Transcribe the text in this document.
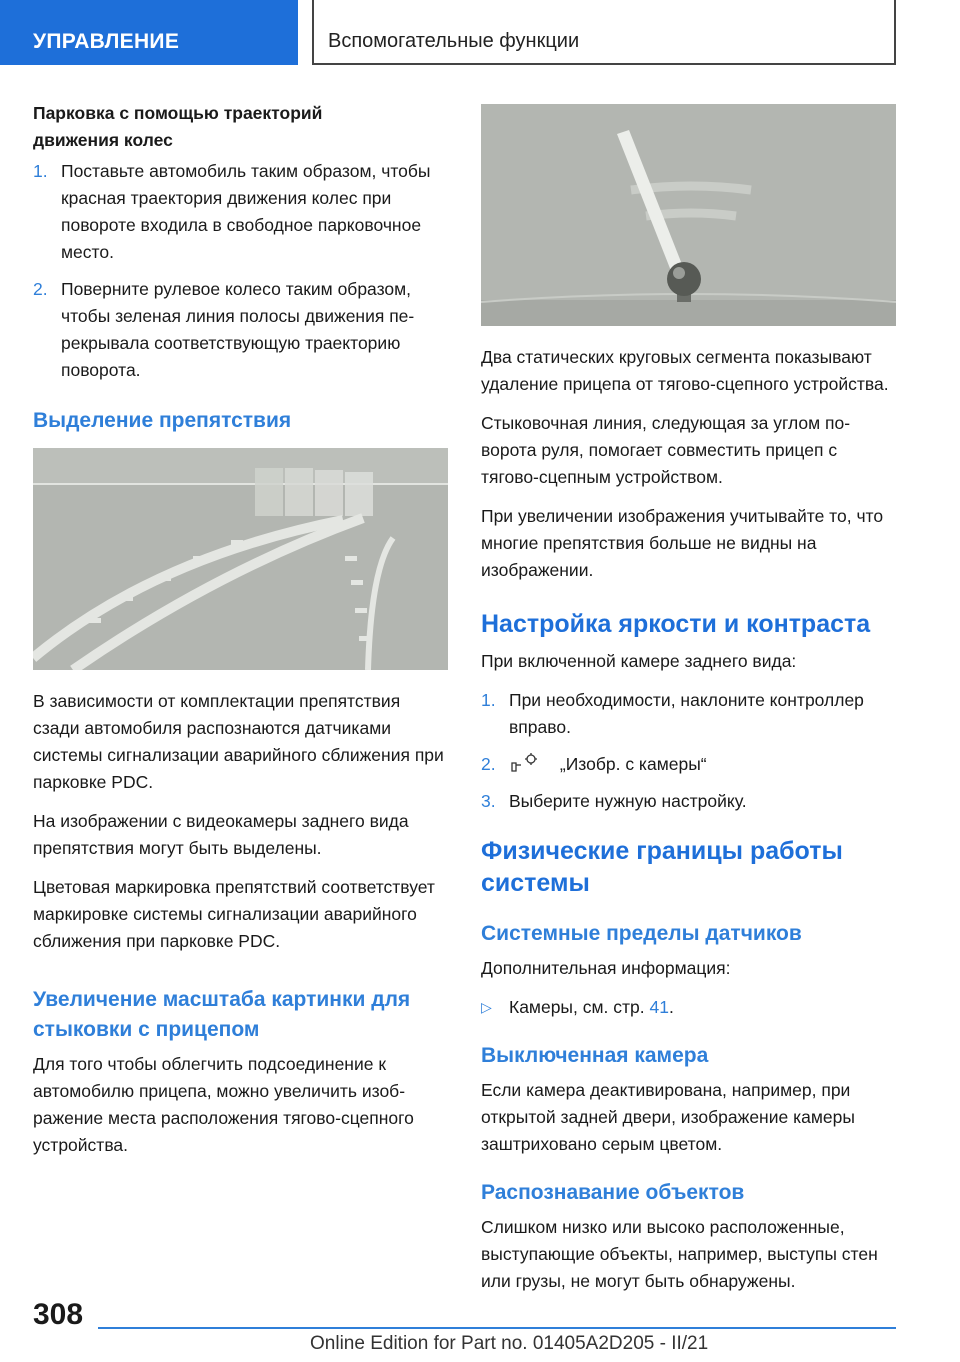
УПРАВЛЕНИЕ	Вспомогательные функции
Парковка с помощью траекторий движения колес
1. Поставьте автомобиль таким образом, чтобы красная траектория движения колес при повороте входила в свободное парковочное место.
2. Поверните рулевое колесо таким образом, чтобы зеленая линия полосы движения перекрывала соответствующую траекторию поворота.
Выделение препятствия
В зависимости от комплектации препятствия сзади автомобиля распознаются датчиками системы сигнализации аварийного сближения при парковке PDC.
На изображении с видеокамеры заднего вида препятствия могут быть выделены.
Цветовая маркировка препятствий соответствует маркировке системы сигнализации аварийного сближения при парковке PDC.
Увеличение масштаба картинки для стыковки с прицепом
Для того чтобы облегчить подсоединение к автомобилю прицепа, можно увеличить изображение места расположения тягово-сцепного устройства.
Два статических круговых сегмента показывают удаление прицепа от тягово-сцепного устройства.
Стыковочная линия, следующая за углом поворота руля, помогает совместить прицеп с тягово-сцепным устройством.
При увеличении изображения учитывайте то, что многие препятствия больше не видны на изображении.
Настройка яркости и контраста
При включенной камере заднего вида:
1. При необходимости, наклоните контроллер вправо.
2.	„Изобр. с камеры“
3. Выберите нужную настройку.
Физические границы работы системы
Системные пределы датчиков
Дополнительная информация:
▷ Камеры, см. стр. 41.
Выключенная камера
Если камера деактивирована, например, при открытой задней двери, изображение камеры заштриховано серым цветом.
Распознавание объектов
Слишком низко или высоко расположенные, выступающие объекты, например, выступы стен или грузы, не могут быть обнаружены.
308
Online Edition for Part no. 01405A2D205 - II/21
